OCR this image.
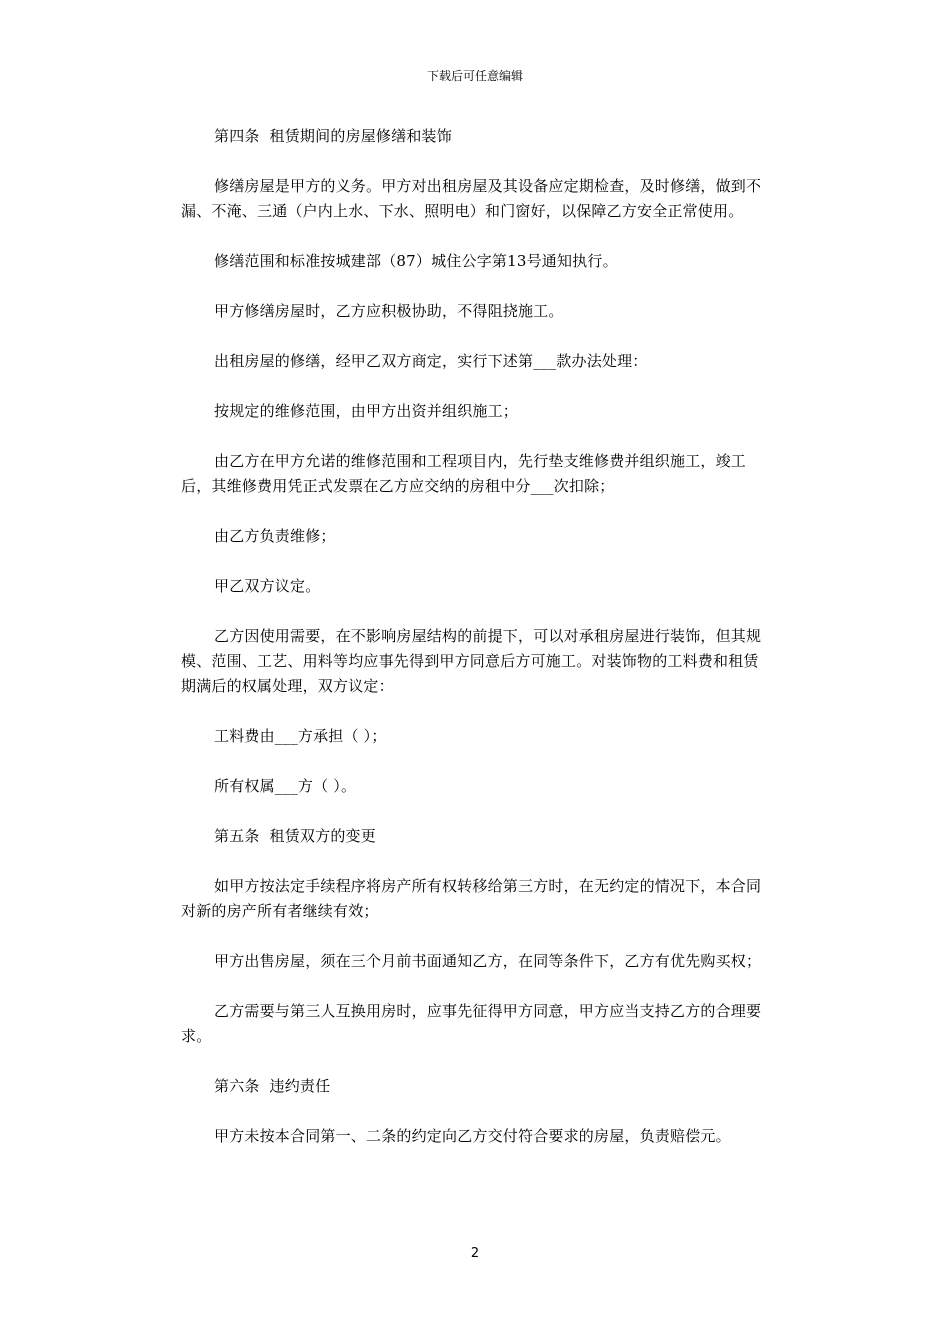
下载后可任意编辑

第四条  租赁期间的房屋修缮和装饰

修缮房屋是甲方的义务。甲方对出租房屋及其设备应定期检查，及时修缮，做到不漏、不淹、三通（户内上水、下水、照明电）和门窗好，以保障乙方安全正常使用。

修缮范围和标准按城建部（87）城住公字第13号通知执行。

甲方修缮房屋时，乙方应积极协助，不得阻挠施工。

出租房屋的修缮，经甲乙双方商定，实行下述第___款办法处理：

按规定的维修范围，由甲方出资并组织施工；

由乙方在甲方允诺的维修范围和工程项目内，先行垫支维修费并组织施工，竣工后，其维修费用凭正式发票在乙方应交纳的房租中分___次扣除；

由乙方负责维修；

甲乙双方议定。

乙方因使用需要，在不影响房屋结构的前提下，可以对承租房屋进行装饰，但其规模、范围、工艺、用料等均应事先得到甲方同意后方可施工。对装饰物的工料费和租赁期满后的权属处理，双方议定：

工料费由___方承担（ ）；

所有权属___方（ ）。

第五条  租赁双方的变更

如甲方按法定手续程序将房产所有权转移给第三方时，在无约定的情况下，本合同对新的房产所有者继续有效；

甲方出售房屋，须在三个月前书面通知乙方，在同等条件下，乙方有优先购买权；

乙方需要与第三人互换用房时，应事先征得甲方同意，甲方应当支持乙方的合理要求。

第六条  违约责任

甲方未按本合同第一、二条的约定向乙方交付符合要求的房屋，负责赔偿元。

2
